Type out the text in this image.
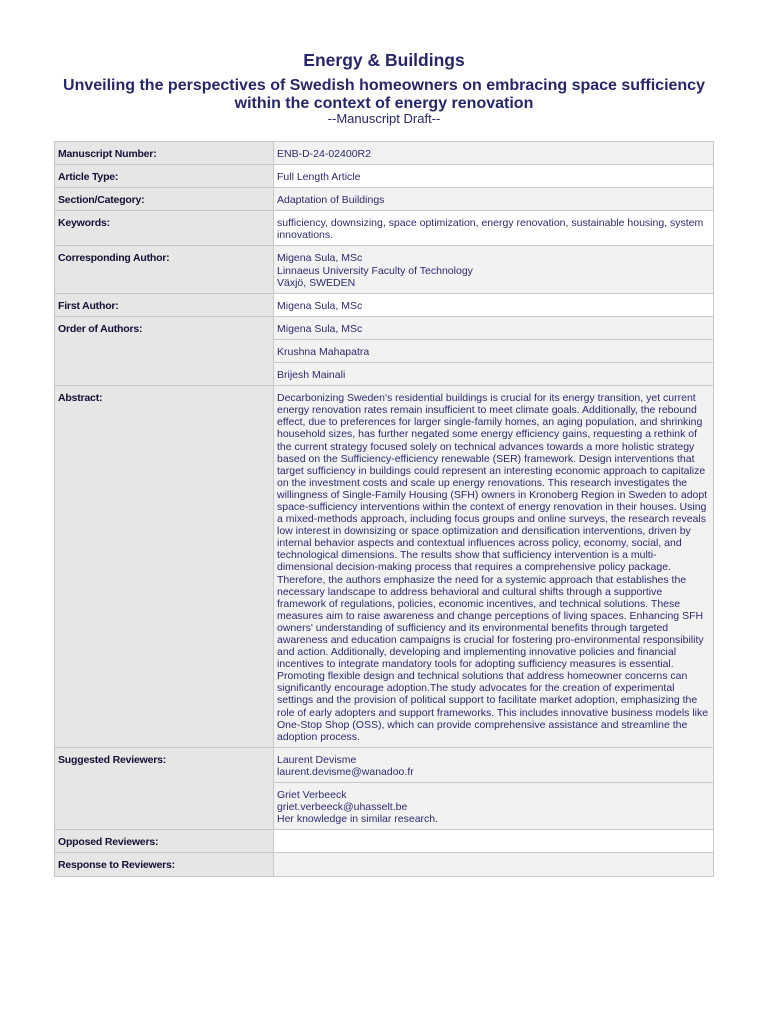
Energy & Buildings
Unveiling the perspectives of Swedish homeowners on embracing space sufficiency within the context of energy renovation
--Manuscript Draft--
Manuscript Number:	ENB-D-24-02400R2
Article Type:	Full Length Article
Section/Category:	Adaptation of Buildings
Keywords:	sufficiency, downsizing, space optimization, energy renovation, sustainable housing, system innovations.
Corresponding Author:	Migena Sula, MSc
Linnaeus University Faculty of Technology
Växjö, SWEDEN

First Author:	Migena Sula, MSc
Order of Authors:	Migena Sula, MSc
	Krushna Mahapatra
	Brijesh Mainali
Abstract:	Decarbonizing Sweden's residential buildings is crucial for its energy transition, yet current energy renovation rates remain insufficient to meet climate goals. Additionally, the rebound effect, due to preferences for larger single-family homes, an aging population, and shrinking household sizes, has further negated some energy efficiency gains, requesting a rethink of the current strategy focused solely on technical advances towards a more holistic strategy based on the Sufficiency-efficiency renewable (SER) framework. Design interventions that target sufficiency in buildings could represent an interesting economic approach to capitalize on the investment costs and scale up energy renovations. This research investigates the willingness of Single-Family Housing (SFH) owners in Kronoberg Region in Sweden to adopt space-sufficiency interventions within the context of energy renovation in their houses. Using a mixed-methods approach, including focus groups and online surveys, the research reveals low interest in downsizing or space optimization and densification interventions, driven by internal behavior aspects and contextual influences across policy, economy, social, and technological dimensions. The results show that sufficiency intervention is a multi-dimensional decision-making process that requires a comprehensive policy package. Therefore, the authors emphasize the need for a systemic approach that establishes the necessary landscape to address behavioral and cultural shifts through a supportive framework of regulations, policies, economic incentives, and technical solutions. These measures aim to raise awareness and change perceptions of living spaces. Enhancing SFH owners' understanding of sufficiency and its environmental benefits through targeted awareness and education campaigns is crucial for fostering pro-environmental responsibility and action. Additionally, developing and implementing innovative policies and financial incentives to integrate mandatory tools for adopting sufficiency measures is essential. Promoting flexible design and technical solutions that address homeowner concerns can significantly encourage adoption.The study advocates for the creation of experimental settings and the provision of political support to facilitate market adoption, emphasizing the role of early adopters and support frameworks. This includes innovative business models like One-Stop Shop (OSS), which can provide comprehensive assistance and streamline the adoption process.
Suggested Reviewers:	Laurent Devisme
laurent.devisme@wanadoo.fr

	Griet Verbeeck
griet.verbeeck@uhasselt.be
Her knowledge in similar research.

Opposed Reviewers:	
Response to Reviewers:	
